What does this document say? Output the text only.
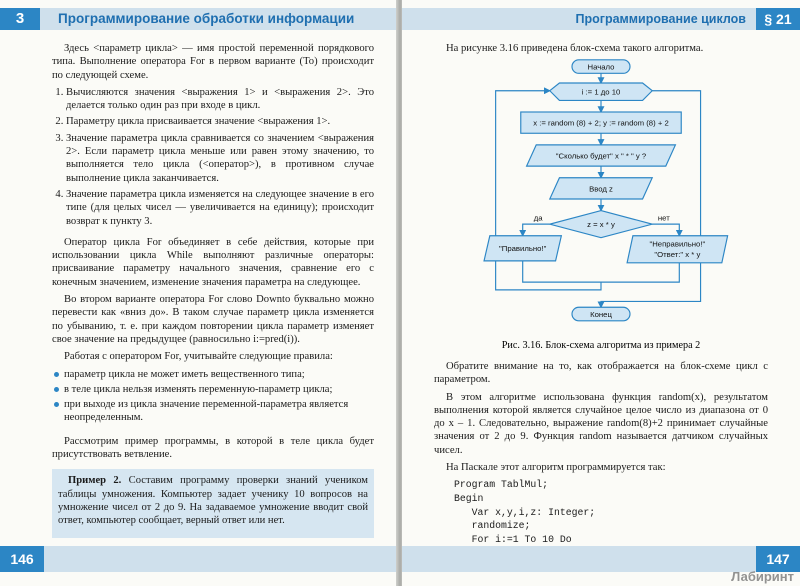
3	Программирование обработки информации

Здесь <параметр цикла> — имя простой переменной порядкового типа. Выполнение оператора For в первом варианте (To) происходит по следующей схеме.

1. Вычисляются значения <выражения 1> и <выражения 2>. Это делается только один раз при входе в цикл.
2. Параметру цикла присваивается значение <выражения 1>.
3. Значение параметра цикла сравнивается со значением <выражения 2>. Если параметр цикла меньше или равен этому значению, то выполняется тело цикла (<оператор>), в противном случае выполнение цикла заканчивается.
4. Значение параметра цикла изменяется на следующее значение в его типе (для целых чисел — увеличивается на единицу); происходит возврат к пункту 3.

Оператор цикла For объединяет в себе действия, которые при использовании цикла While выполняют различные операторы: присваивание параметру начального значения, сравнение его с конечным значением, изменение значения параметра на следующее.

Во втором варианте оператора For слово Downto буквально можно перевести как «вниз до». В таком случае параметр цикла изменяется по убыванию, т. е. при каждом повторении цикла параметр изменяет свое значение на предыдущее (равносильно i:=pred(i)).

Работая с оператором For, учитывайте следующие правила:

параметр цикла не может иметь вещественного типа;
в теле цикла нельзя изменять переменную-параметр цикла;
при выходе из цикла значение переменной-параметра является неопределенным.

Рассмотрим пример программы, в которой в теле цикла будет присутствовать ветвление.

Пример 2. Составим программу проверки знаний учеником таблицы умножения. Компьютер задает ученику 10 вопросов на умножение чисел от 2 до 9. На задаваемое умножение вводит свой ответ, компьютер сообщает, верный ответ или нет.

146
Программирование циклов	§ 21

На рисунке 3.16 приведена блок-схема такого алгоритма.

Начало
i := 1 до 10
x := random (8) + 2; y := random (8) + 2
"Сколько будет" x " * " y ?
Ввод z
z = x * y
да	нет
"Правильно!"
"Неправильно!"
"Ответ:" x * y
Конец
Рис. 3.16. Блок-схема алгоритма из примера 2

Обратите внимание на то, как отображается на блок-схеме цикл с параметром.

В этом алгоритме использована функция random(x), результатом выполнения которой является случайное целое число из диапазона от 0 до x – 1. Следовательно, выражение random(8)+2 принимает случайные значения от 2 до 9. Функция random называется датчиком случайных чисел.

На Паскале этот алгоритм программируется так:

Program TablMul;
Begin
Var x,y,i,z: Integer;
randomize;
For i:=1 To 10 Do
147
Лабиринт
